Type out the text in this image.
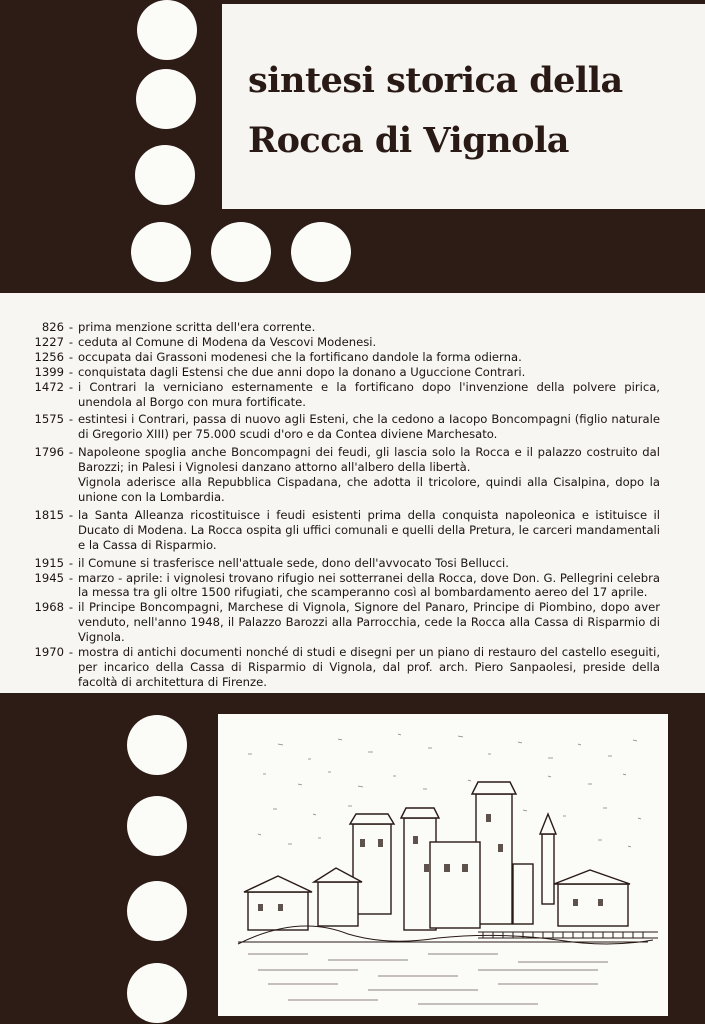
sintesi storica della
Rocca di Vignola
826 - prima menzione scritta dell'era corrente.
1227 - ceduta al Comune di Modena da Vescovi Modenesi.
1256 - occupata dai Grassoni modenesi che la fortificano dandole la forma odierna.
1399 - conquistata dagli Estensi che due anni dopo la donano a Uguccione Contrari.
1472 - i Contrari la verniciano esternamente e la fortificano dopo l'invenzione della polvere pirica, unendola al Borgo con mura fortificate.
1575 - estintesi i Contrari, passa di nuovo agli Esteni, che la cedono a Iacopo Boncompagni (figlio naturale di Gregorio XIII) per 75.000 scudi d'oro e da Contea diviene Marchesato.
1796 - Napoleone spoglia anche Boncompagni dei feudi, gli lascia solo la Rocca e il palazzo costruito dal Barozzi; in Palesi i Vignolesi danzano attorno all'albero della libertà.
Vignola aderisce alla Repubblica Cispadana, che adotta il tricolore, quindi alla Cisalpina, dopo la unione con la Lombardia.
1815 - la Santa Alleanza ricostituisce i feudi esistenti prima della conquista napoleonica e istituisce il Ducato di Modena. La Rocca ospita gli uffici comunali e quelli della Pretura, le carceri mandamentali e la Cassa di Risparmio.
1915 - il Comune si trasferisce nell'attuale sede, dono dell'avvocato Tosi Bellucci.
1945 - marzo - aprile: i vignolesi trovano rifugio nei sotterranei della Rocca, dove Don. G. Pellegrini celebra la messa tra gli oltre 1500 rifugiati, che scamperanno così al bombardamento aereo del 17 aprile.
1968 - il Principe Boncompagni, Marchese di Vignola, Signore del Panaro, Principe di Piombino, dopo aver venduto, nell'anno 1948, il Palazzo Barozzi alla Parrocchia, cede la Rocca alla Cassa di Risparmio di Vignola.
1970 - mostra di antichi documenti nonché di studi e disegni per un piano di restauro del castello eseguiti, per incarico della Cassa di Risparmio di Vignola, dal prof. arch. Piero Sanpaolesi, preside della facoltà di architettura di Firenze.
